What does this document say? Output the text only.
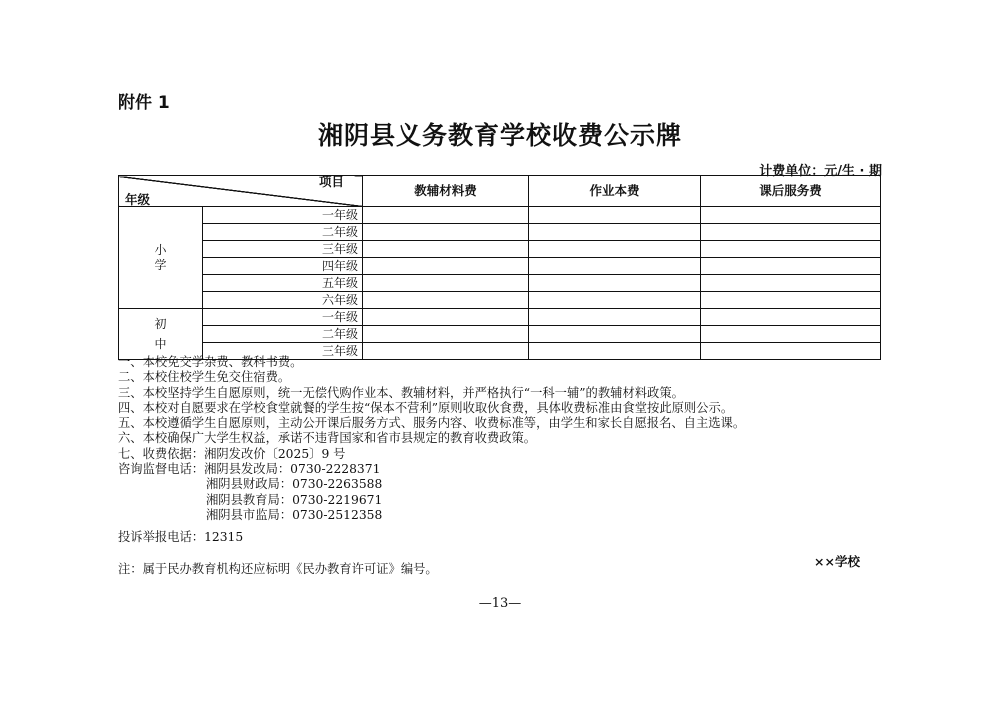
附件 1
湘阴县义务教育学校收费公示牌
计费单位：元/生 · 期
项目
年级		教辅材料费	作业本费	课后服务费
小学	一年级			
	二年级			
	三年级			
	四年级			
	五年级			
	六年级			
初中	一年级			
	二年级			
	三年级			
一、本校免交学杂费、教科书费。
二、本校住校学生免交住宿费。
三、本校坚持学生自愿原则，统一无偿代购作业本、教辅材料，并严格执行“一科一辅”的教辅材料政策。
四、本校对自愿要求在学校食堂就餐的学生按“保本不营利”原则收取伙食费，具体收费标准由食堂按此原则公示。
五、本校遵循学生自愿原则，主动公开课后服务方式、服务内容、收费标准等，由学生和家长自愿报名、自主选课。
六、本校确保广大学生权益，承诺不违背国家和省市县规定的教育收费政策。
七、收费依据：湘阴发改价〔2025〕9 号
咨询监督电话：湘阴县发改局：0730-2228371
湘阴县财政局：0730-2263588
湘阴县教育局：0730-2219671
湘阴县市监局：0730-2512358
投诉举报电话：12315
××学校
注：属于民办教育机构还应标明《民办教育许可证》编号。
—13—
